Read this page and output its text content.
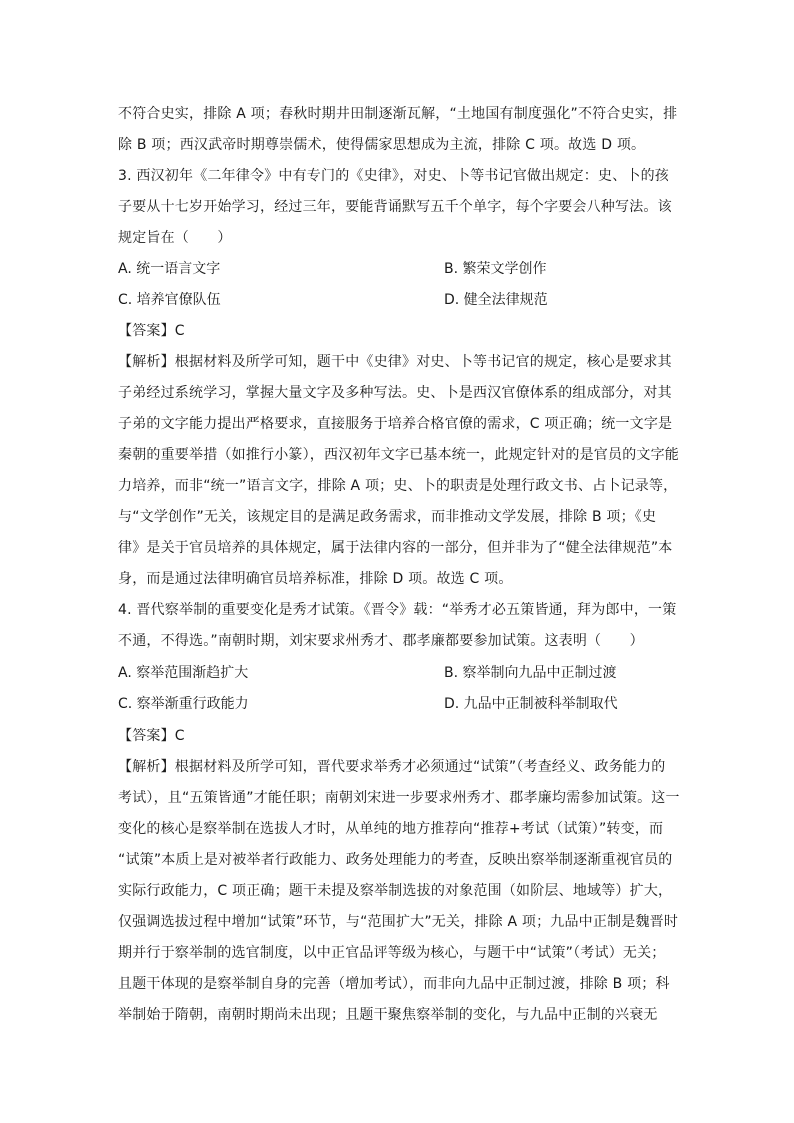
不符合史实，排除 A 项；春秋时期井田制逐渐瓦解，“土地国有制度强化”不符合史实，排
除 B 项；西汉武帝时期尊崇儒术，使得儒家思想成为主流，排除 C 项。故选 D 项。
3. 西汉初年《二年律令》中有专门的《史律》，对史、卜等书记官做出规定：史、卜的孩
子要从十七岁开始学习，经过三年，要能背诵默写五千个单字，每个字要会八种写法。该
规定旨在（　　）
A. 统一语言文字	B. 繁荣文学创作
C. 培养官僚队伍	D. 健全法律规范
【答案】C
【解析】根据材料及所学可知，题干中《史律》对史、卜等书记官的规定，核心是要求其
子弟经过系统学习，掌握大量文字及多种写法。史、卜是西汉官僚体系的组成部分，对其
子弟的文字能力提出严格要求，直接服务于培养合格官僚的需求，C 项正确；统一文字是
秦朝的重要举措（如推行小篆），西汉初年文字已基本统一，此规定针对的是官员的文字能
力培养，而非“统一”语言文字，排除 A 项；史、卜的职责是处理行政文书、占卜记录等，
与“文学创作”无关，该规定目的是满足政务需求，而非推动文学发展，排除 B 项；《史
律》是关于官员培养的具体规定，属于法律内容的一部分，但并非为了“健全法律规范”本
身，而是通过法律明确官员培养标准，排除 D 项。故选 C 项。
4. 晋代察举制的重要变化是秀才试策。《晋令》载：“举秀才必五策皆通，拜为郎中，一策
不通，不得选。”南朝时期，刘宋要求州秀才、郡孝廉都要参加试策。这表明（　　）
A. 察举范围渐趋扩大	B. 察举制向九品中正制过渡
C. 察举渐重行政能力	D. 九品中正制被科举制取代
【答案】C
【解析】根据材料及所学可知，晋代要求举秀才必须通过“试策”（考查经义、政务能力的
考试），且“五策皆通”才能任职；南朝刘宋进一步要求州秀才、郡孝廉均需参加试策。这一
变化的核心是察举制在选拔人才时，从单纯的地方推荐向“推荐+考试（试策）”转变，而
“试策”本质上是对被举者行政能力、政务处理能力的考查，反映出察举制逐渐重视官员的
实际行政能力，C 项正确；题干未提及察举制选拔的对象范围（如阶层、地域等）扩大，
仅强调选拔过程中增加“试策”环节，与“范围扩大”无关，排除 A 项；九品中正制是魏晋时
期并行于察举制的选官制度，以中正官品评等级为核心，与题干中“试策”（考试）无关；
且题干体现的是察举制自身的完善（增加考试），而非向九品中正制过渡，排除 B 项；科
举制始于隋朝，南朝时期尚未出现；且题干聚焦察举制的变化，与九品中正制的兴衰无
